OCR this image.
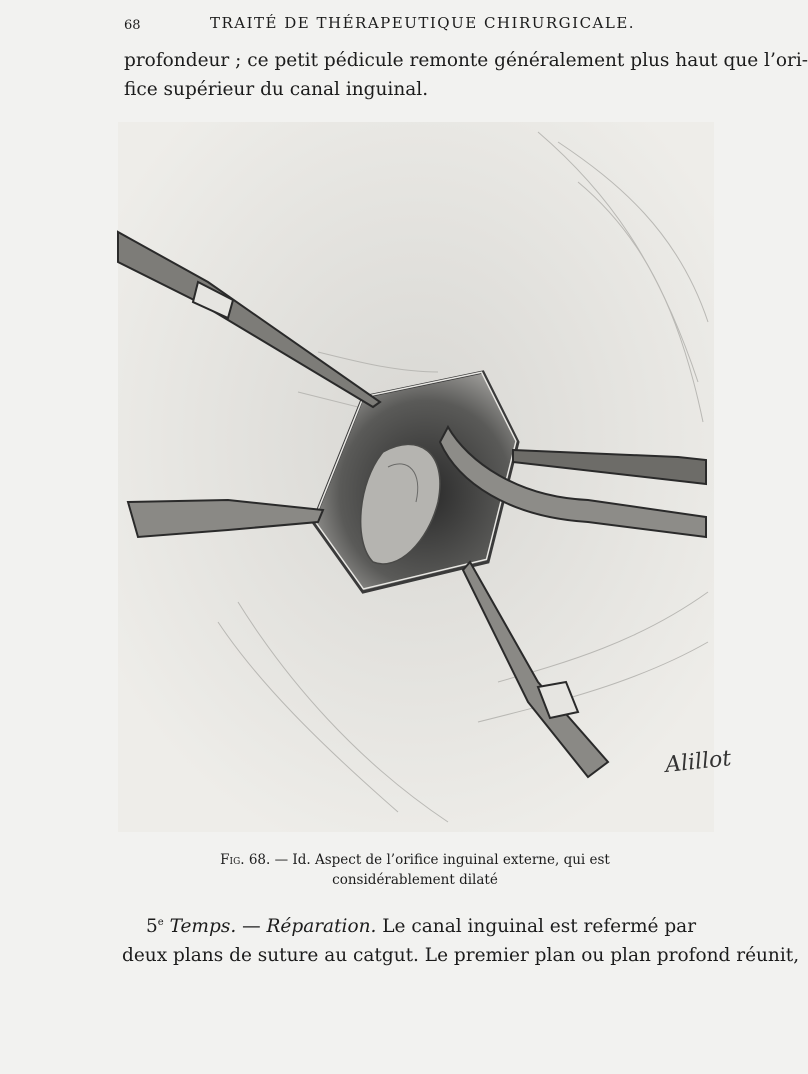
68	TRAITÉ DE THÉRAPEUTIQUE CHIRURGICALE.
profondeur ; ce petit pédicule remonte généralement plus haut que l’ori-
fice supérieur du canal inguinal.
Alillot
Fig. 68. — Id. Aspect de l’orifice inguinal externe, qui est
considérablement dilaté
5e Temps. — Réparation. Le canal inguinal est refermé par
deux plans de suture au catgut. Le premier plan ou plan profond réunit,
